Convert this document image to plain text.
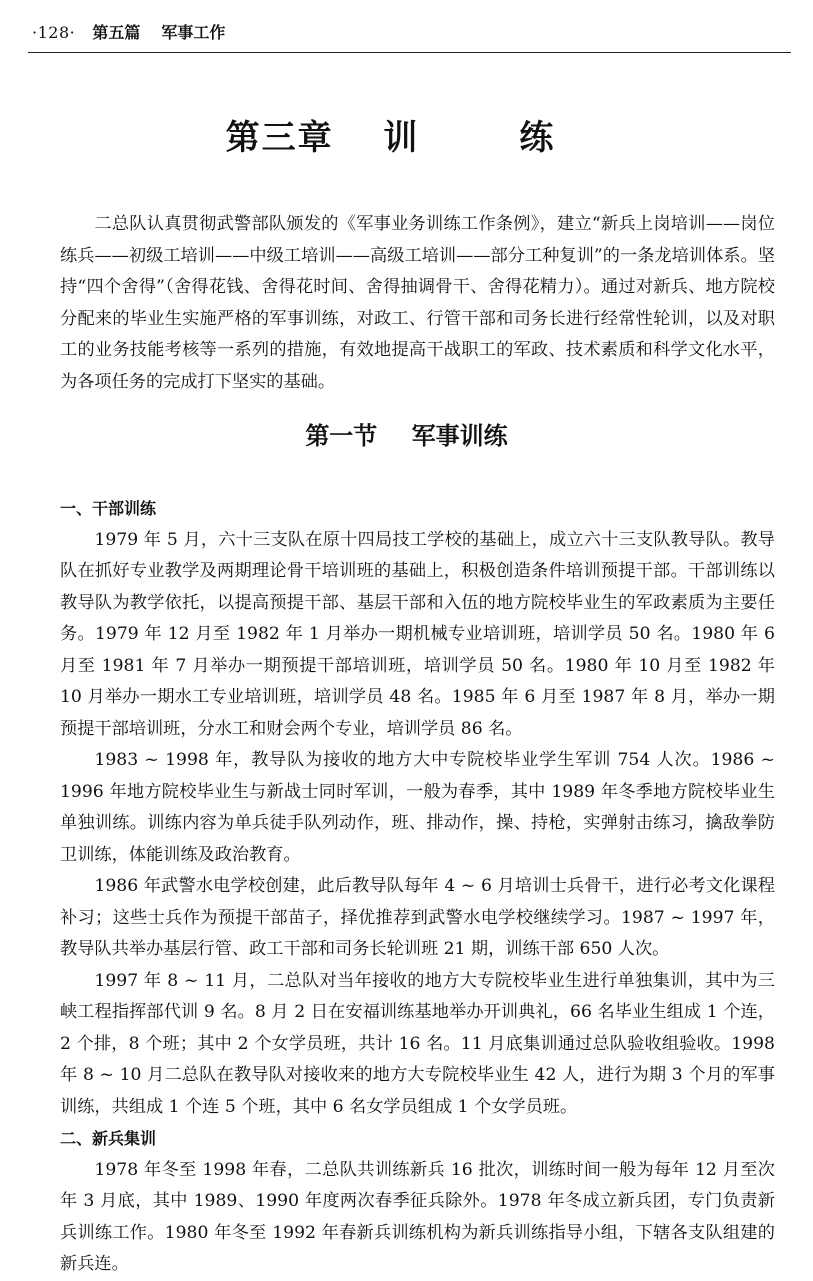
·128· 第五篇 军事工作
第三章 训　练

二总队认真贯彻武警部队颁发的《军事业务训练工作条例》，建立“新兵上岗培训——岗位练兵——初级工培训——中级工培训——高级工培训——部分工种复训”的一条龙培训体系。坚持“四个舍得”（舍得花钱、舍得花时间、舍得抽调骨干、舍得花精力）。通过对新兵、地方院校分配来的毕业生实施严格的军事训练，对政工、行管干部和司务长进行经常性轮训，以及对职工的业务技能考核等一系列的措施，有效地提高干战职工的军政、技术素质和科学文化水平，为各项任务的完成打下坚实的基础。

第一节 军事训练
一、干部训练

1979 年 5 月，六十三支队在原十四局技工学校的基础上，成立六十三支队教导队。教导队在抓好专业教学及两期理论骨干培训班的基础上，积极创造条件培训预提干部。干部训练以教导队为教学依托，以提高预提干部、基层干部和入伍的地方院校毕业生的军政素质为主要任务。1979 年 12 月至 1982 年 1 月举办一期机械专业培训班，培训学员 50 名。1980 年 6 月至 1981 年 7 月举办一期预提干部培训班，培训学员 50 名。1980 年 10 月至 1982 年 10 月举办一期水工专业培训班，培训学员 48 名。1985 年 6 月至 1987 年 8 月，举办一期预提干部培训班，分水工和财会两个专业，培训学员 86 名。

1983 ~ 1998 年，教导队为接收的地方大中专院校毕业学生军训 754 人次。1986 ~ 1996 年地方院校毕业生与新战士同时军训，一般为春季，其中 1989 年冬季地方院校毕业生单独训练。训练内容为单兵徒手队列动作，班、排动作，操、持枪，实弹射击练习，擒敌拳防卫训练，体能训练及政治教育。

1986 年武警水电学校创建，此后教导队每年 4 ~ 6 月培训士兵骨干，进行必考文化课程补习；这些士兵作为预提干部苗子，择优推荐到武警水电学校继续学习。1987 ~ 1997 年，教导队共举办基层行管、政工干部和司务长轮训班 21 期，训练干部 650 人次。

1997 年 8 ~ 11 月，二总队对当年接收的地方大专院校毕业生进行单独集训，其中为三峡工程指挥部代训 9 名。8 月 2 日在安福训练基地举办开训典礼，66 名毕业生组成 1 个连，2 个排，8 个班；其中 2 个女学员班，共计 16 名。11 月底集训通过总队验收组验收。1998 年 8 ~ 10 月二总队在教导队对接收来的地方大专院校毕业生 42 人，进行为期 3 个月的军事训练，共组成 1 个连 5 个班，其中 6 名女学员组成 1 个女学员班。

二、新兵集训

1978 年冬至 1998 年春，二总队共训练新兵 16 批次，训练时间一般为每年 12 月至次年 3 月底，其中 1989、1990 年度两次春季征兵除外。1978 年冬成立新兵团，专门负责新兵训练工作。1980 年冬至 1992 年春新兵训练机构为新兵训练指导小组，下辖各支队组建的新兵连。
